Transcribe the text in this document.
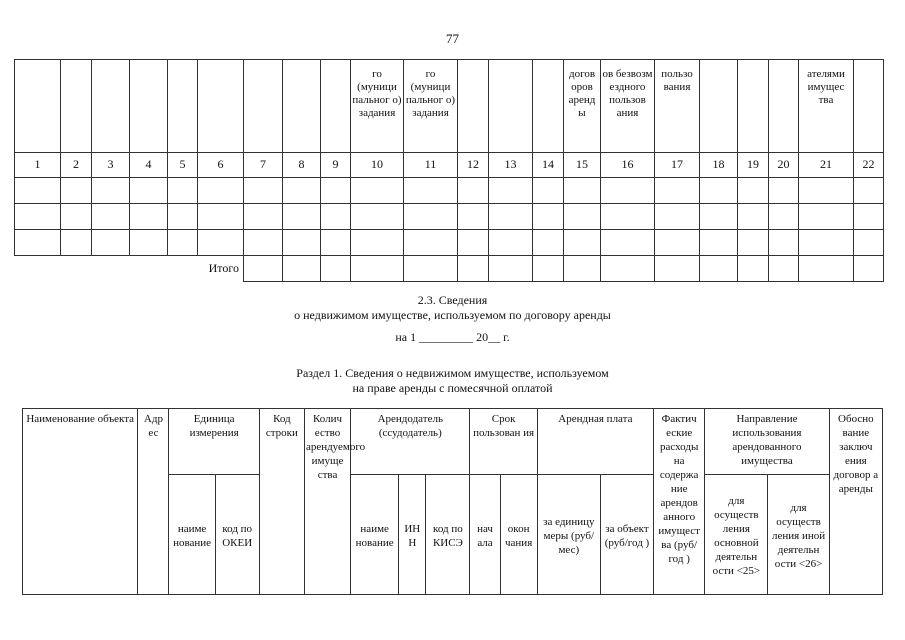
77
									го (муници пальног о) задания	го (муници пальног о) задания				догов оров аренд ы	ов безвозм ездного пользов ания	пользо вания				ателями имущес тва	
1	2	3	4	5	6	7	8	9	10	11	12	13	14	15	16	17	18	19	20	21	22

Итого																					
2.3. Сведения
о недвижимом имуществе, используемом по договору аренды
на 1 _________ 20__ г.
Раздел 1. Сведения о недвижимом имуществе, используемом
на праве аренды с помесячной оплатой
Наименование объекта	Адр ес	Единица измерения		Код строки	Колич ество арендуемого имуще ства	Арендодатель (ссудодатель)			Срок пользован ия		Арендная плата		Фактич еские расходы на содержа ние арендов анного имущест ва (руб/год )	Направление использования арендованного имущества		Обосно вание заключ ения договор а аренды
		наиме нование	код по ОКЕИ			наиме нование	ИН Н	код по КИСЭ	нач ала	окон чания	за единицу меры (руб/мес)	за объект (руб/год )		для осуществ ления основной деятельн ости <25>	для осуществ ления иной деятельн ости <26>	
